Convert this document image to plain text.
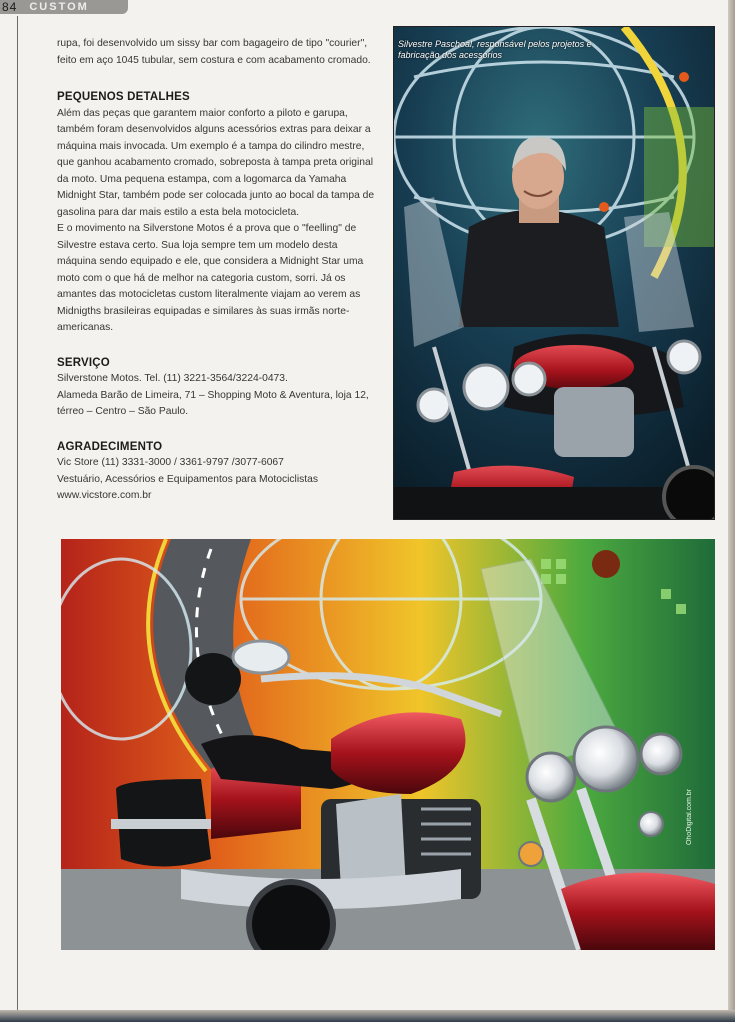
84 CUSTOM

rupa, foi desenvolvido um sissy bar com bagageiro de tipo "courier", feito em aço 1045 tubular, sem costura e com acabamento cromado.

PEQUENOS DETALHES

Além das peças que garantem maior conforto a piloto e garupa, também foram desenvolvidos alguns acessórios extras para deixar a máquina mais invocada. Um exemplo é a tampa do cilindro mestre, que ganhou acabamento cromado, sobreposta à tampa preta original da moto. Uma pequena estampa, com a logomarca da Yamaha Midnight Star, também pode ser colocada junto ao bocal da tampa de gasolina para dar mais estilo a esta bela motocicleta.

E o movimento na Silverstone Motos é a prova que o "feelling" de Silvestre estava certo. Sua loja sempre tem um modelo desta máquina sendo equipado e ele, que considera a Midnight Star uma moto com o que há de melhor na categoria custom, sorri. Já os amantes das motocicletas custom literalmente viajam ao verem as Midnigths brasileiras equipadas e similares às suas irmãs norte-americanas.

SERVIÇO

Silverstone Motos. Tel. (11) 3221-3564/3224-0473.

Alameda Barão de Limeira, 71 – Shopping Moto & Aventura, loja 12, térreo – Centro – São Paulo.

AGRADECIMENTO

Vic Store (11) 3331-3000 / 3361-9797 /3077-6067

Vestuário, Acessórios e Equipamentos para Motociclistas

www.vicstore.com.br

Silvestre Paschoal, responsável pelos projetos e fabricação dos acessórios
OhoDigital.com.br
